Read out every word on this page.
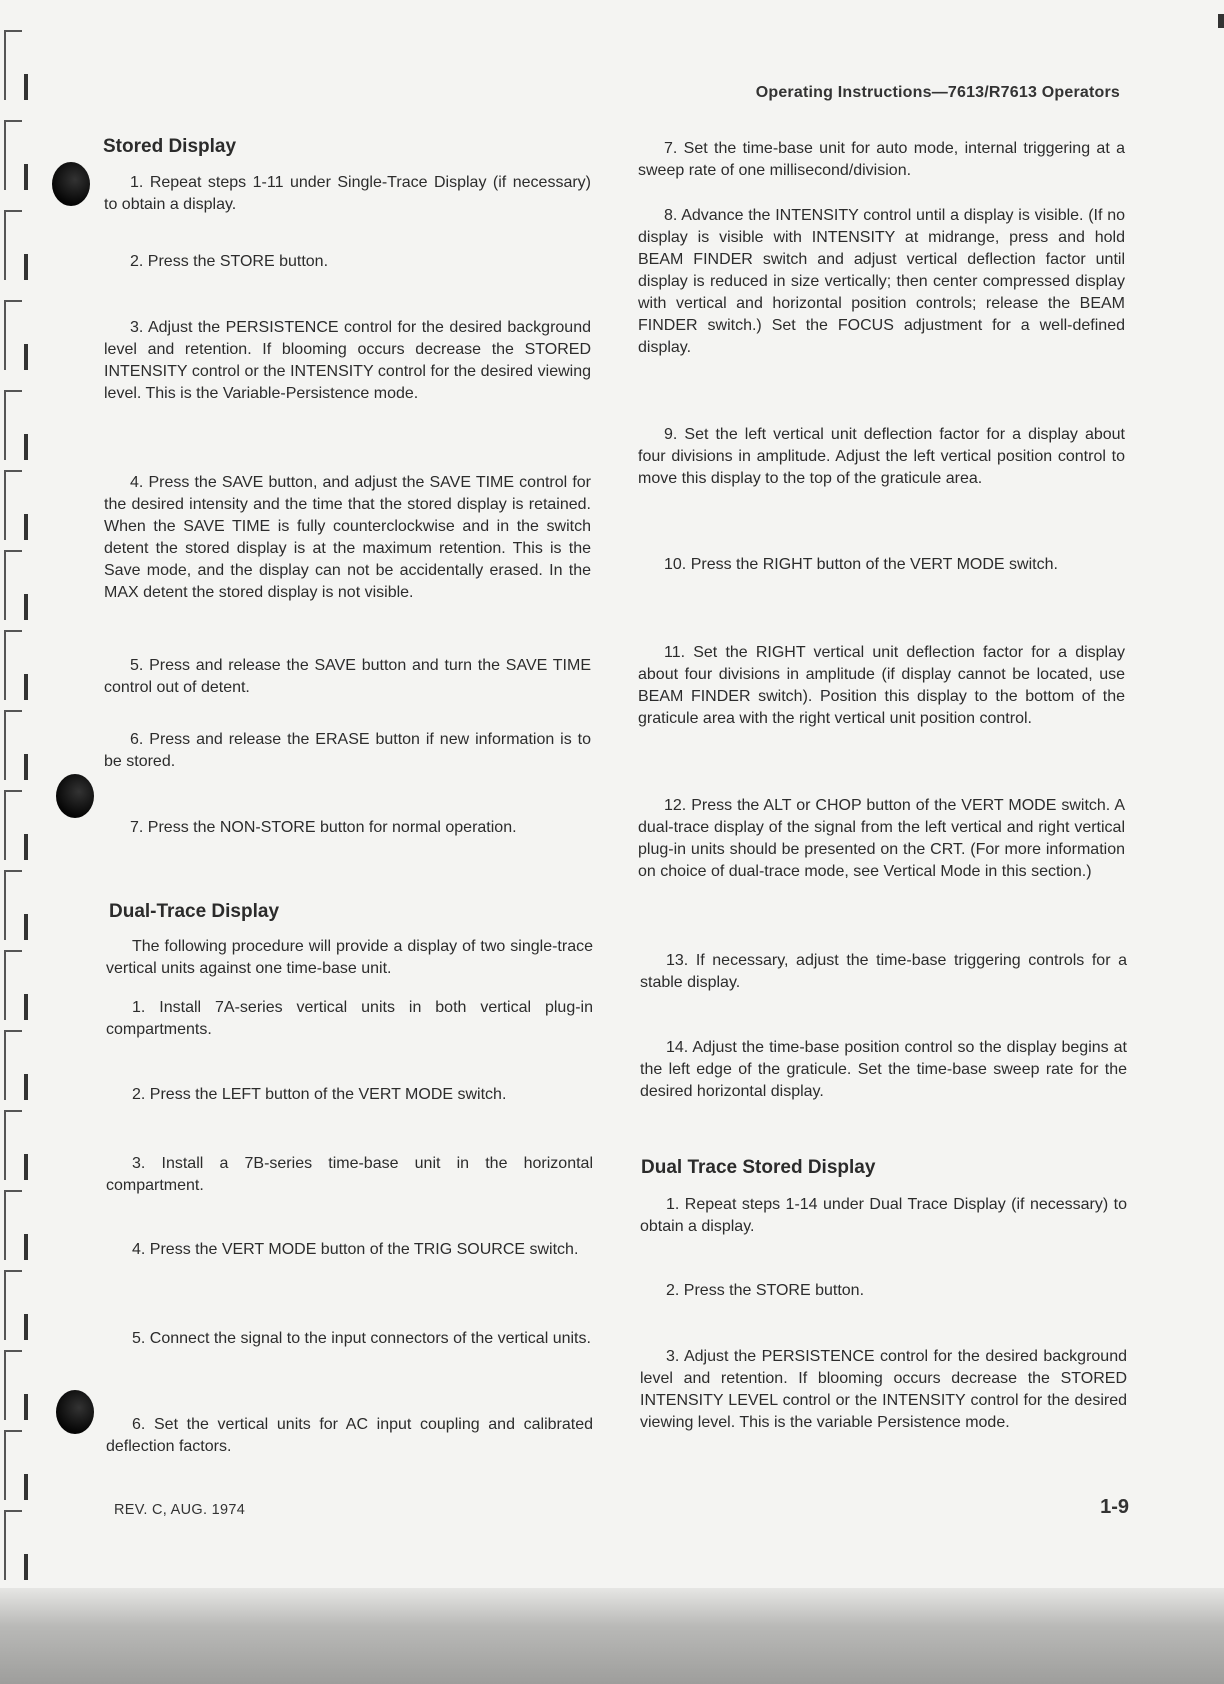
Operating Instructions—7613/R7613 Operators
Stored Display
1. Repeat steps 1-11 under Single-Trace Display (if necessary) to obtain a display.
2. Press the STORE button.
3. Adjust the PERSISTENCE control for the desired background level and retention. If blooming occurs decrease the STORED INTENSITY control or the INTENSITY control for the desired viewing level. This is the Variable-Persistence mode.
4. Press the SAVE button, and adjust the SAVE TIME control for the desired intensity and the time that the stored display is retained. When the SAVE TIME is fully counterclockwise and in the switch detent the stored display is at the maximum retention. This is the Save mode, and the display can not be accidentally erased. In the MAX detent the stored display is not visible.
5. Press and release the SAVE button and turn the SAVE TIME control out of detent.
6. Press and release the ERASE button if new information is to be stored.
7. Press the NON-STORE button for normal operation.
Dual-Trace Display
The following procedure will provide a display of two single-trace vertical units against one time-base unit.
1. Install 7A-series vertical units in both vertical plug-in compartments.
2. Press the LEFT button of the VERT MODE switch.
3. Install a 7B-series time-base unit in the horizontal compartment.
4. Press the VERT MODE button of the TRIG SOURCE switch.
5. Connect the signal to the input connectors of the vertical units.
6. Set the vertical units for AC input coupling and calibrated deflection factors.
7. Set the time-base unit for auto mode, internal triggering at a sweep rate of one millisecond/division.
8. Advance the INTENSITY control until a display is visible. (If no display is visible with INTENSITY at midrange, press and hold BEAM FINDER switch and adjust vertical deflection factor until display is reduced in size vertically; then center compressed display with vertical and horizontal position controls; release the BEAM FINDER switch.) Set the FOCUS adjustment for a well-defined display.
9. Set the left vertical unit deflection factor for a display about four divisions in amplitude. Adjust the left vertical position control to move this display to the top of the graticule area.
10. Press the RIGHT button of the VERT MODE switch.
11. Set the RIGHT vertical unit deflection factor for a display about four divisions in amplitude (if display cannot be located, use BEAM FINDER switch). Position this display to the bottom of the graticule area with the right vertical unit position control.
12. Press the ALT or CHOP button of the VERT MODE switch. A dual-trace display of the signal from the left vertical and right vertical plug-in units should be presented on the CRT. (For more information on choice of dual-trace mode, see Vertical Mode in this section.)
13. If necessary, adjust the time-base triggering controls for a stable display.
14. Adjust the time-base position control so the display begins at the left edge of the graticule. Set the time-base sweep rate for the desired horizontal display.
Dual Trace Stored Display
1. Repeat steps 1-14 under Dual Trace Display (if necessary) to obtain a display.
2. Press the STORE button.
3. Adjust the PERSISTENCE control for the desired background level and retention. If blooming occurs decrease the STORED INTENSITY LEVEL control or the INTENSITY control for the desired viewing level. This is the variable Persistence mode.
REV. C, AUG. 1974	1-9
